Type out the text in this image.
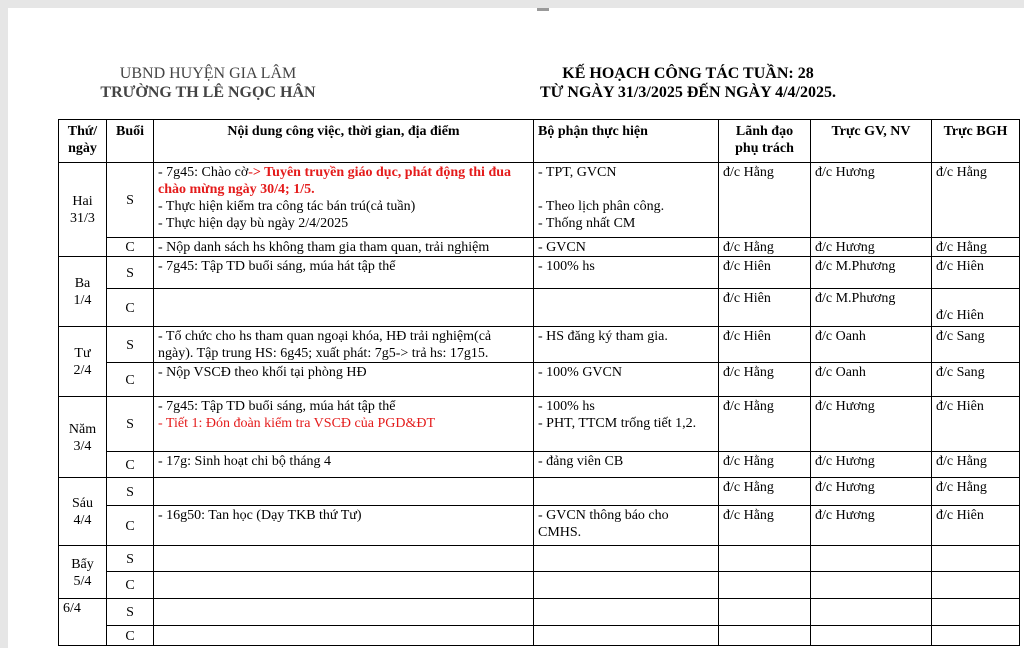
UBND HUYỆN GIA LÂM
TRƯỜNG TH LÊ NGỌC HÂN
KẾ HOẠCH CÔNG TÁC TUẦN: 28
TỪ NGÀY 31/3/2025 ĐẾN NGÀY 4/4/2025.
Thứ/ ngày	Buổi	Nội dung công việc, thời gian, địa điểm	Bộ phận thực hiện	Lãnh đạo phụ trách	Trực GV, NV	Trực BGH

Hai
31/3	S	- 7g45: Chào cờ-> Tuyên truyền giáo dục, phát động thi đua chào mừng ngày 30/4; 1/5.

- Thực hiện kiểm tra công tác bán trú(cả tuần)
- Thực hiện dạy bù ngày 2/4/2025	- TPT, GVCN
- Theo lịch phân công.
- Thống nhất CM	đ/c Hằng	đ/c Hương	đ/c Hằng
	C	- Nộp danh sách hs không tham gia tham quan, trải nghiệm	- GVCN	đ/c Hằng	đ/c Hương	đ/c Hằng

Ba
1/4	S	- 7g45: Tập TD buổi sáng, múa hát tập thể	- 100% hs	đ/c Hiên	đ/c M.Phương	đ/c Hiên
	C			đ/c Hiên	đ/c M.Phương	đ/c Hiên

Tư
2/4	S	- Tổ chức cho hs tham quan ngoại khóa, HĐ trải nghiệm(cả ngày). Tập trung HS: 6g45; xuất phát: 7g5-> trả hs: 17g15.	- HS đăng ký tham gia.	đ/c Hiên	đ/c Oanh	đ/c Sang
	C	- Nộp VSCĐ theo khối tại phòng HĐ	- 100% GVCN	đ/c Hằng	đ/c Oanh	đ/c Sang

Năm
3/4	S	- 7g45: Tập TD buổi sáng, múa hát tập thể
- Tiết 1: Đón đoàn kiểm tra VSCĐ của PGD&ĐT	- 100% hs
- PHT, TTCM trống tiết 1,2.	đ/c Hằng	đ/c Hương	đ/c Hiên
	C	- 17g: Sinh hoạt chi bộ tháng 4	- đảng viên CB	đ/c Hằng	đ/c Hương	đ/c Hằng

Sáu
4/4	S			đ/c Hằng	đ/c Hương	đ/c Hằng
	C	- 16g50: Tan học (Dạy TKB thứ Tư)	- GVCN thông báo cho CMHS.	đ/c Hằng	đ/c Hương	đ/c Hiên

Bẩy
5/4	S					
	C					
6/4	S					
	C					
